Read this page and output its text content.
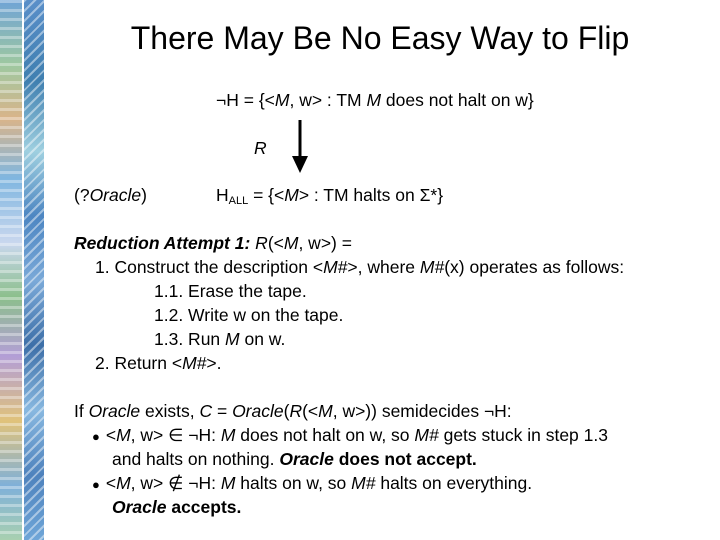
There May Be No Easy Way to Flip
¬H = {<M, w> : TM M does not halt on w}
R
(?Oracle)	$H_{ALL} = \{<M>$ : TM halts on Σ*}
Reduction Attempt 1: R(<M, w>) =
1. Construct the description <M#>, where M#(x) operates as follows:
1.1. Erase the tape.
1.2. Write w on the tape.
1.3. Run M on w.
2. Return <M#>.
If Oracle exists, C = Oracle(R(<M, w>)) semidecides ¬H:
● <M, w> ∈ ¬H: M does not halt on w, so M# gets stuck in step 1.3
and halts on nothing. Oracle does not accept.
● <M, w> ∉ ¬H: M halts on w, so M# halts on everything.
Oracle accepts.
